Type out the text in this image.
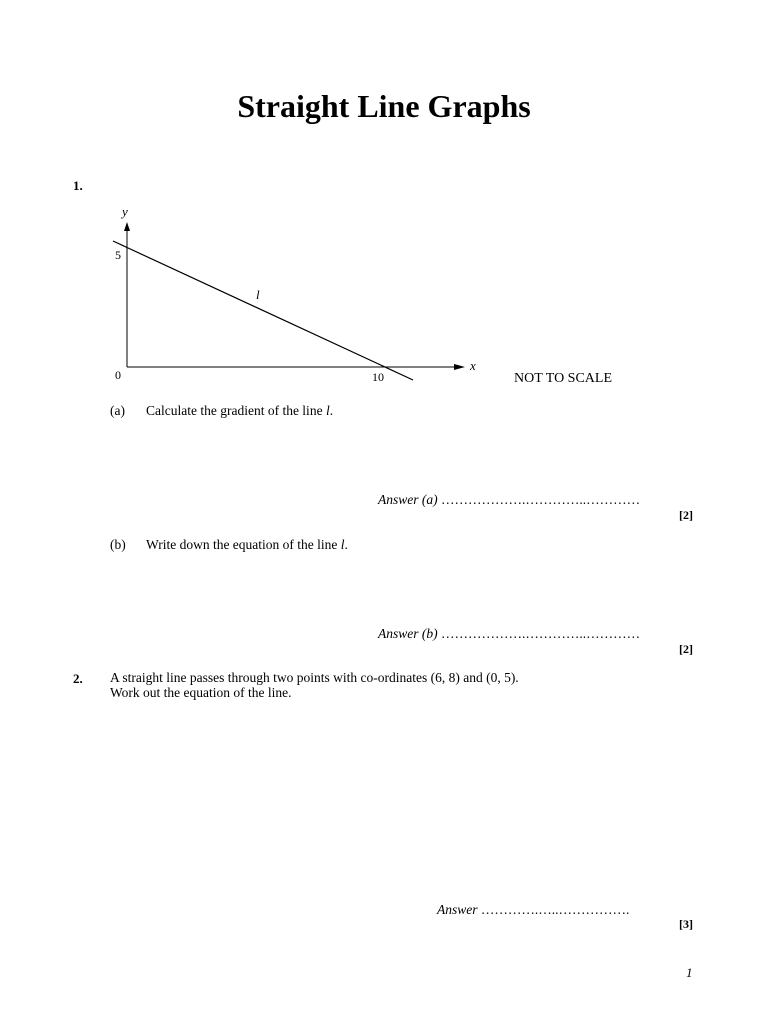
Straight Line Graphs
1.
y
x
5
0	10
l
NOT TO SCALE
(a) Calculate the gradient of the line l.
Answer (a) ……………….…………..…………
[2]
(b) Write down the equation of the line l.
Answer (b) ……………….…………..…………
[2]
2. A straight line passes through two points with co-ordinates (6, 8) and (0, 5).
Work out the equation of the line.
Answer ………….…..…………….
[3]
1
